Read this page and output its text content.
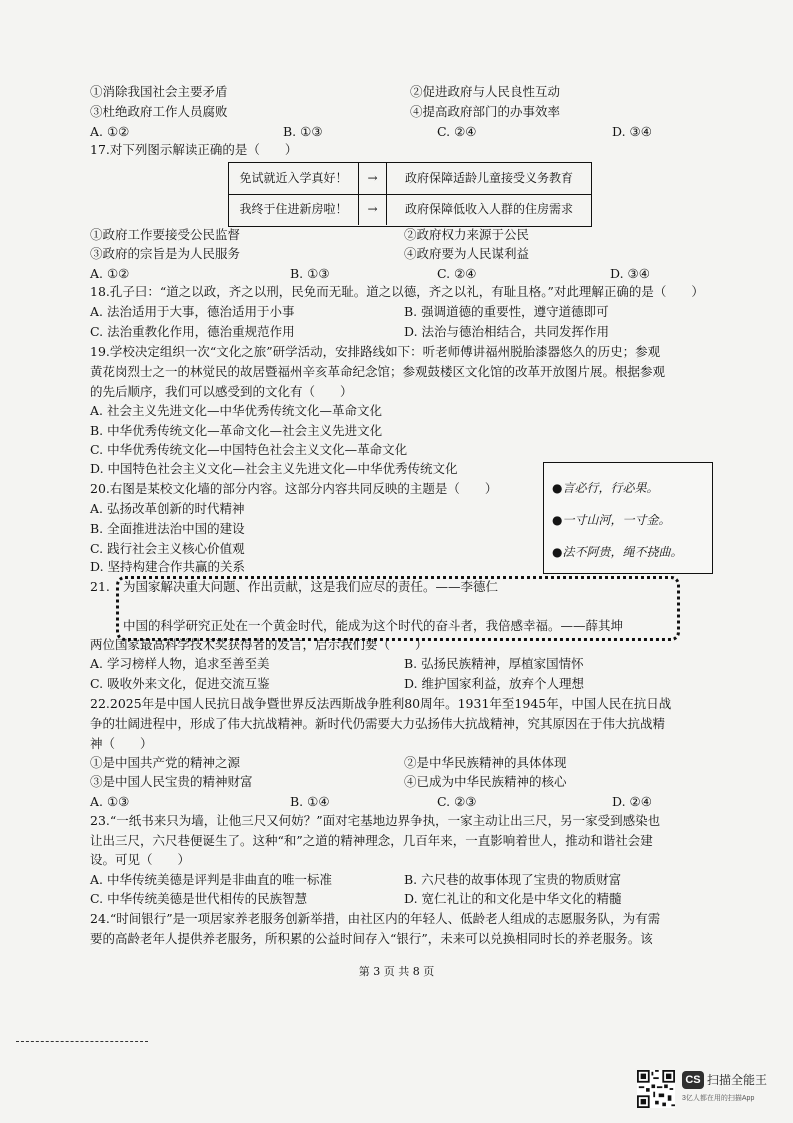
①消除我国社会主要矛盾	②促进政府与人民良性互动
③杜绝政府工作人员腐败	④提高政府部门的办事效率
A. ①②	B. ①③	C. ②④	D. ③④
17.对下列图示解读正确的是（　　）
免试就近入学真好！	→	政府保障适龄儿童接受义务教育
我终于住进新房啦！	→	政府保障低收入人群的住房需求
①政府工作要接受公民监督	②政府权力来源于公民
③政府的宗旨是为人民服务	④政府要为人民谋利益
A. ①②	B. ①③	C. ②④	D. ③④
18.孔子曰：“道之以政，齐之以刑，民免而无耻。道之以德，齐之以礼，有耻且格。”对此理解正确的是（　　）
A. 法治适用于大事，德治适用于小事	B. 强调道德的重要性，遵守道德即可
C. 法治重教化作用，德治重规范作用	D. 法治与德治相结合，共同发挥作用
19.学校决定组织一次“文化之旅”研学活动，安排路线如下：听老师傅讲福州脱胎漆器悠久的历史；参观
黄花岗烈士之一的林觉民的故居暨福州辛亥革命纪念馆；参观鼓楼区文化馆的改革开放图片展。根据参观
的先后顺序，我们可以感受到的文化有（　　）
A. 社会主义先进文化—中华优秀传统文化—革命文化
B. 中华优秀传统文化—革命文化—社会主义先进文化
C. 中华优秀传统文化—中国特色社会主义文化—革命文化
D. 中国特色社会主义文化—社会主义先进文化—中华优秀传统文化
20.右图是某校文化墙的部分内容。这部分内容共同反映的主题是（　　）
A. 弘扬改革创新的时代精神
B. 全面推进法治中国的建设
C. 践行社会主义核心价值观
D. 坚持构建合作共赢的关系
●言必行，行必果。
●一寸山河，一寸金。
●法不阿贵，绳不挠曲。
21. 为国家解决重大问题、作出贡献，这是我们应尽的责任。——李德仁
中国的科学研究正处在一个黄金时代，能成为这个时代的奋斗者，我倍感幸福。——薛其坤
两位国家最高科学技术奖获得者的发言，启示我们要（　　）
A. 学习榜样人物，追求至善至美	B. 弘扬民族精神，厚植家国情怀
C. 吸收外来文化，促进交流互鉴	D. 维护国家利益，放弃个人理想
22.2025年是中国人民抗日战争暨世界反法西斯战争胜利80周年。1931年至1945年，中国人民在抗日战
争的壮阔进程中，形成了伟大抗战精神。新时代仍需要大力弘扬伟大抗战精神，究其原因在于伟大抗战精
神（　　）
①是中国共产党的精神之源	②是中华民族精神的具体体现
③是中国人民宝贵的精神财富	④已成为中华民族精神的核心
A. ①③	B. ①④	C. ②③	D. ②④
23.“一纸书来只为墙，让他三尺又何妨？”面对宅基地边界争执，一家主动让出三尺，另一家受到感染也
让出三尺，六尺巷便诞生了。这种“和”之道的精神理念，几百年来，一直影响着世人，推动和谐社会建
设。可见（　　）
A. 中华传统美德是评判是非曲直的唯一标准	B. 六尺巷的故事体现了宝贵的物质财富
C. 中华传统美德是世代相传的民族智慧	D. 宽仁礼让的和文化是中华文化的精髓
24.“时间银行”是一项居家养老服务创新举措，由社区内的年轻人、低龄老人组成的志愿服务队，为有需
要的高龄老年人提供养老服务，所积累的公益时间存入“银行”，未来可以兑换相同时长的养老服务。该
第 3 页 共 8 页
CS 扫描全能王
3亿人都在用的扫描App
